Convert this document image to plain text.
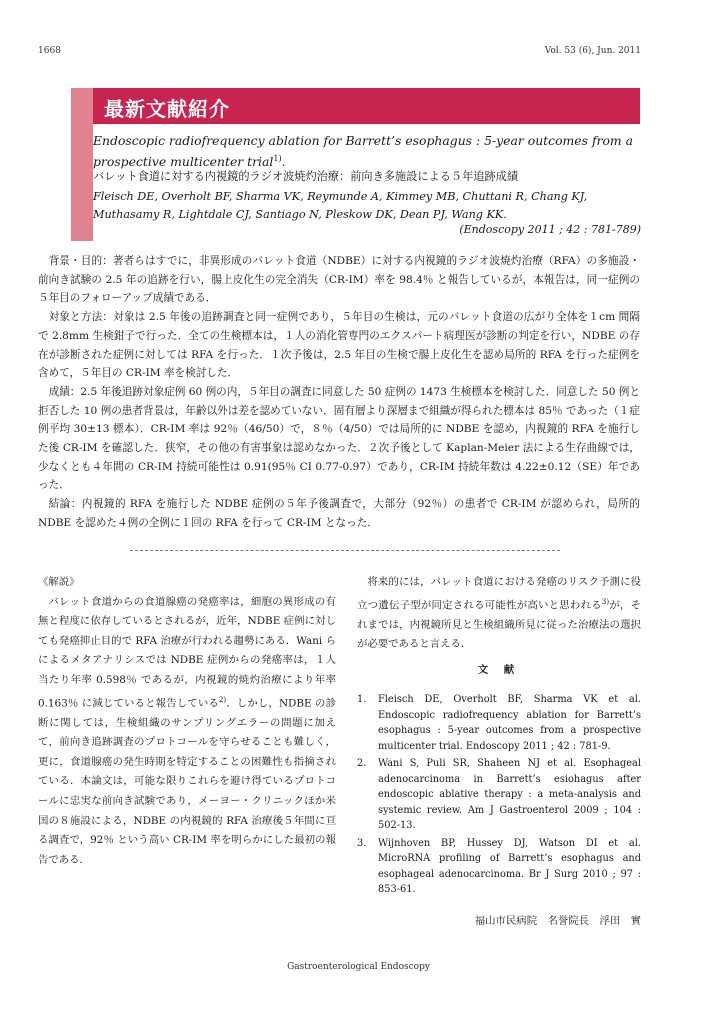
1668	Vol. 53 (6), Jun. 2011
最新文献紹介
Endoscopic radiofrequency ablation for Barrett’s esophagus : 5‑year outcomes from a prospective multicenter trial$^{1)}$.
バレット食道に対する内視鏡的ラジオ波焼灼治療：前向き多施設による５年追跡成績
Fleisch DE, Overholt BF, Sharma VK, Reymunde A, Kimmey MB, Chuttani R, Chang KJ, Muthasamy R, Lightdale CJ, Santiago N, Pleskow DK, Dean PJ, Wang KK.
(Endoscopy 2011 ; 42 : 781‑789)

背景・目的：著者らはすでに，非異形成のバレット食道（NDBE）に対する内視鏡的ラジオ波焼灼治療（RFA）の多施設・前向き試験の 2.5 年の追跡を行い，腸上皮化生の完全消失（CR‑IM）率を 98.4％ と報告しているが，本報告は，同一症例の５年目のフォローアップ成績である．

対象と方法：対象は 2.5 年後の追跡調査と同一症例であり，５年目の生検は，元のバレット食道の広がり全体を１cm 間隔で 2.8mm 生検鉗子で行った．全ての生検標本は，１人の消化管専門のエクスパート病理医が診断の判定を行い，NDBE の存在が診断された症例に対しては RFA を行った．１次予後は，2.5 年目の生検で腸上皮化生を認め局所的 RFA を行った症例を含めて，５年目の CR‑IM 率を検討した．

成績：2.5 年後追跡対象症例 60 例の内，５年目の調査に同意した 50 症例の 1473 生検標本を検討した．同意した 50 例と拒否した 10 例の患者背景は，年齢以外は差を認めていない．固有層より深層まで組織が得られた標本は 85％ であった（１症例平均 30±13 標本）．CR‑IM 率は 92％（46/50）で，８％（4/50）では局所的に NDBE を認め，内視鏡的 RFA を施行した後 CR‑IM を確認した．狭窄，その他の有害事象は認めなかった．２次予後として Kaplan‑Meier 法による生存曲線では，少なくとも４年間の CR‑IM 持続可能性は 0.91(95％ CI 0.77‑0.97）であり，CR‑IM 持続年数は 4.22±0.12（SE）年であった．

結論：内視鏡的 RFA を施行した NDBE 症例の５年予後調査で，大部分（92％）の患者で CR‑IM が認められ，局所的 NDBE を認めた４例の全例に１回の RFA を行って CR‑IM となった．

《解説》

バレット食道からの食道腺癌の発癌率は，細胞の異形成の有無と程度に依存しているとされるが，近年，NDBE 症例に対しても発癌抑止目的で RFA 治療が行われる趨勢にある．Wani らによるメタアナリシスでは NDBE 症例からの発癌率は，１人当たり年率 0.598％ であるが，内視鏡的焼灼治療により年率 0.163％ に減じていると報告している$^{2)}$．しかし，NDBE の診断に関しては，生検組織のサンプリングエラーの問題に加えて，前向き追跡調査のプロトコールを守らせることも難しく，更に，食道腺癌の発生時期を特定することの困難性も指摘されている．本論文は，可能な限りこれらを避け得ているプロトコールに忠実な前向き試験であり，メーヨー・クリニックほか米国の８施設による，NDBE の内視鏡的 RFA 治療後５年間に亘る調査で，92％ という高い CR‑IM 率を明らかにした最初の報告である．

将来的には，バレット食道における発癌のリスク予測に役立つ遺伝子型が同定される可能性が高いと思われる$^{3)}$が，それまでは，内視鏡所見と生検組織所見に従った治療法の選択が必要であると言える．

文 献
1. Fleisch DE, Overholt BF, Sharma VK et al. Endoscopic radiofrequency ablation for Barrett’s esophagus : 5‑year outcomes from a prospective multicenter trial. Endoscopy 2011 ; 42 : 781‑9.
2. Wani S, Puli SR, Shaheen NJ et al. Esophageal adenocarcinoma in Barrett’s esiohagus after endoscopic ablative therapy : a meta‑analysis and systemic review. Am J Gastroenterol 2009 ; 104 : 502‑13.
3. Wijnhoven BP, Hussey DJ, Watson DI et al. MicroRNA profiling of Barrett’s esophagus and esophageal adenocarcinoma. Br J Surg 2010 ; 97 : 853‑61.
福山市民病院　名誉院長　浮田　實
Gastroenterological Endoscopy
